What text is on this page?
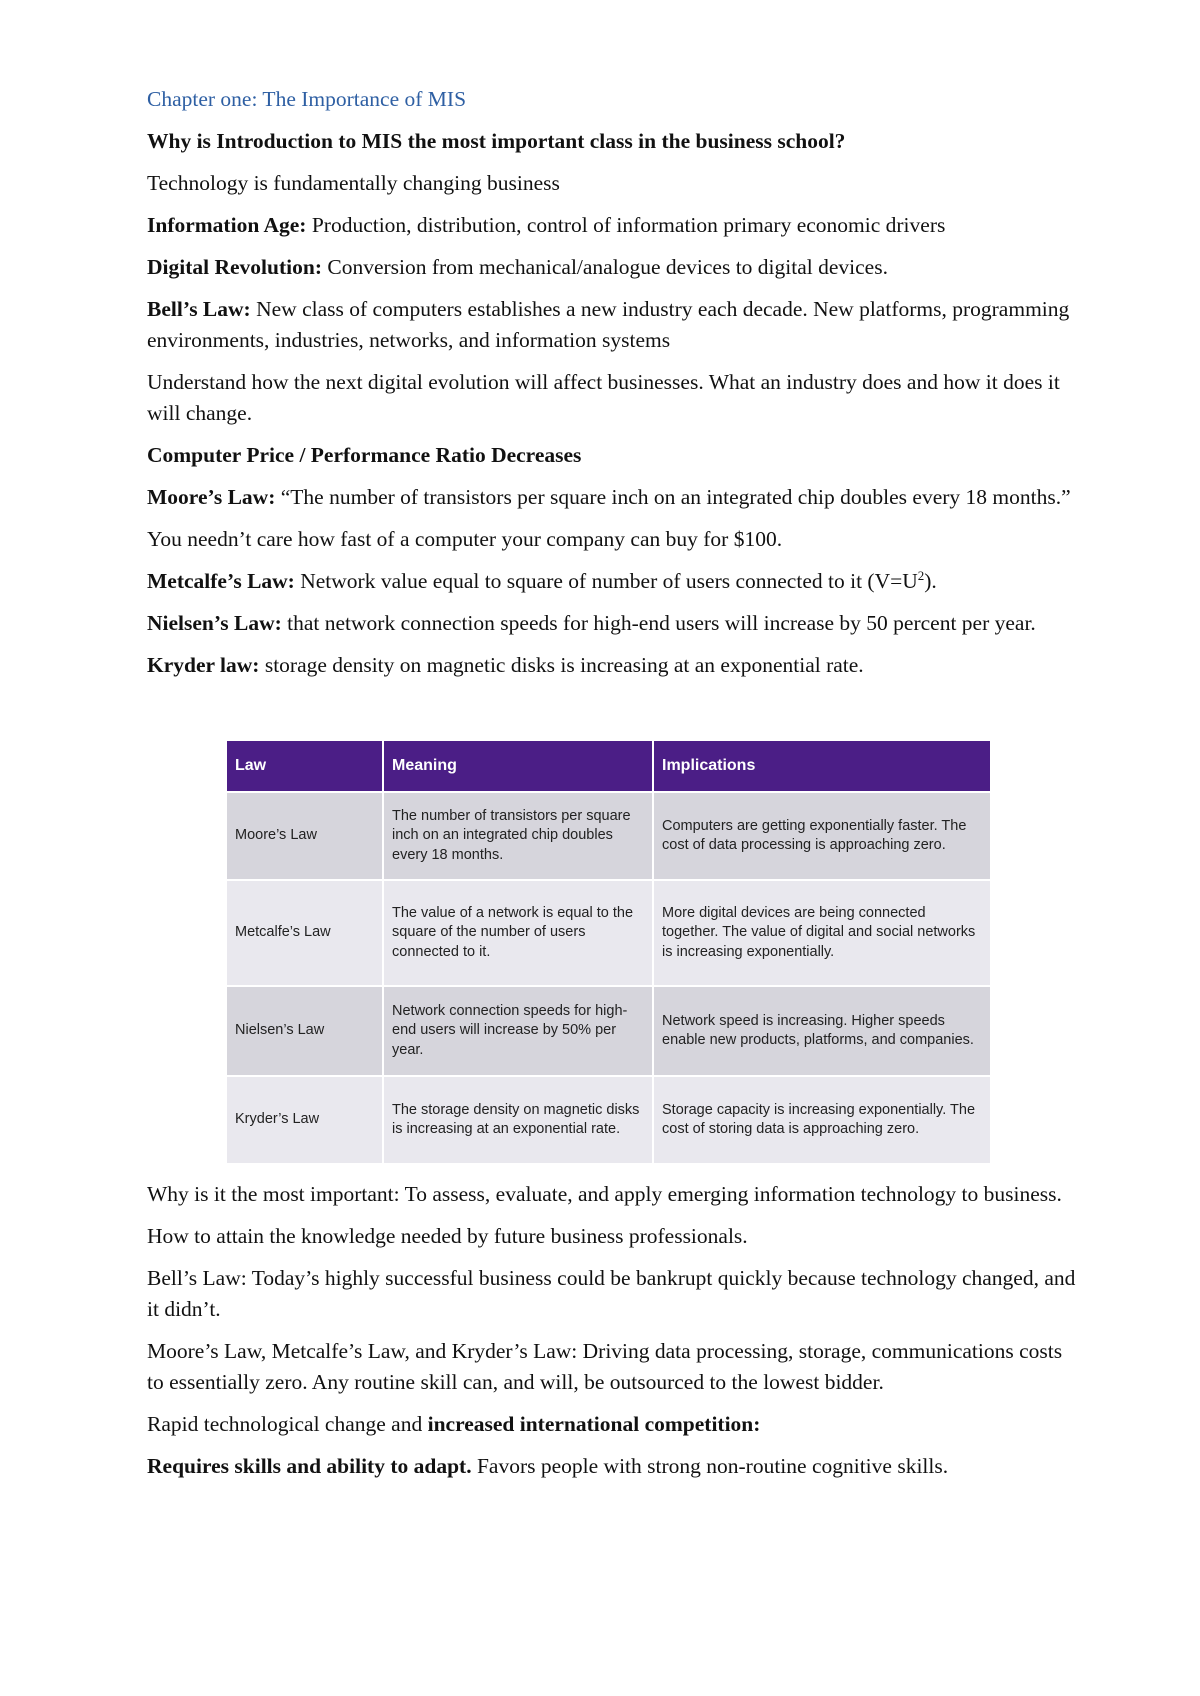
Chapter one: The Importance of MIS

Why is Introduction to MIS the most important class in the business school?

Technology is fundamentally changing business

Information Age: Production, distribution, control of information primary economic drivers

Digital Revolution: Conversion from mechanical/analogue devices to digital devices.

Bell’s Law: New class of computers establishes a new industry each decade. New platforms, programming environments, industries, networks, and information systems

Understand how the next digital evolution will affect businesses. What an industry does and how it does it will change.

Computer Price / Performance Ratio Decreases

Moore’s Law: “The number of transistors per square inch on an integrated chip doubles every 18 months.”

You needn’t care how fast of a computer your company can buy for $100.

Metcalfe’s Law: Network value equal to square of number of users connected to it $(V=U^2)$.

Nielsen’s Law: that network connection speeds for high-end users will increase by 50 percent per year.

Kryder law: storage density on magnetic disks is increasing at an exponential rate.

Law	Meaning	Implications
Moore’s Law	The number of transistors per square inch on an integrated chip doubles every 18 months.	Computers are getting exponentially faster. The cost of data processing is approaching zero.
Metcalfe’s Law	The value of a network is equal to the square of the number of users connected to it.	More digital devices are being connected together. The value of digital and social networks is increasing exponentially.
Nielsen’s Law	Network connection speeds for high-end users will increase by 50% per year.	Network speed is increasing. Higher speeds enable new products, platforms, and companies.
Kryder’s Law	The storage density on magnetic disks is increasing at an exponential rate.	Storage capacity is increasing exponentially. The cost of storing data is approaching zero.

Why is it the most important: To assess, evaluate, and apply emerging information technology to business.

How to attain the knowledge needed by future business professionals.

Bell’s Law: Today’s highly successful business could be bankrupt quickly because technology changed, and it didn’t.

Moore’s Law, Metcalfe’s Law, and Kryder’s Law: Driving data processing, storage, communications costs to essentially zero. Any routine skill can, and will, be outsourced to the lowest bidder.

Rapid technological change and increased international competition:

Requires skills and ability to adapt. Favors people with strong non-routine cognitive skills.
